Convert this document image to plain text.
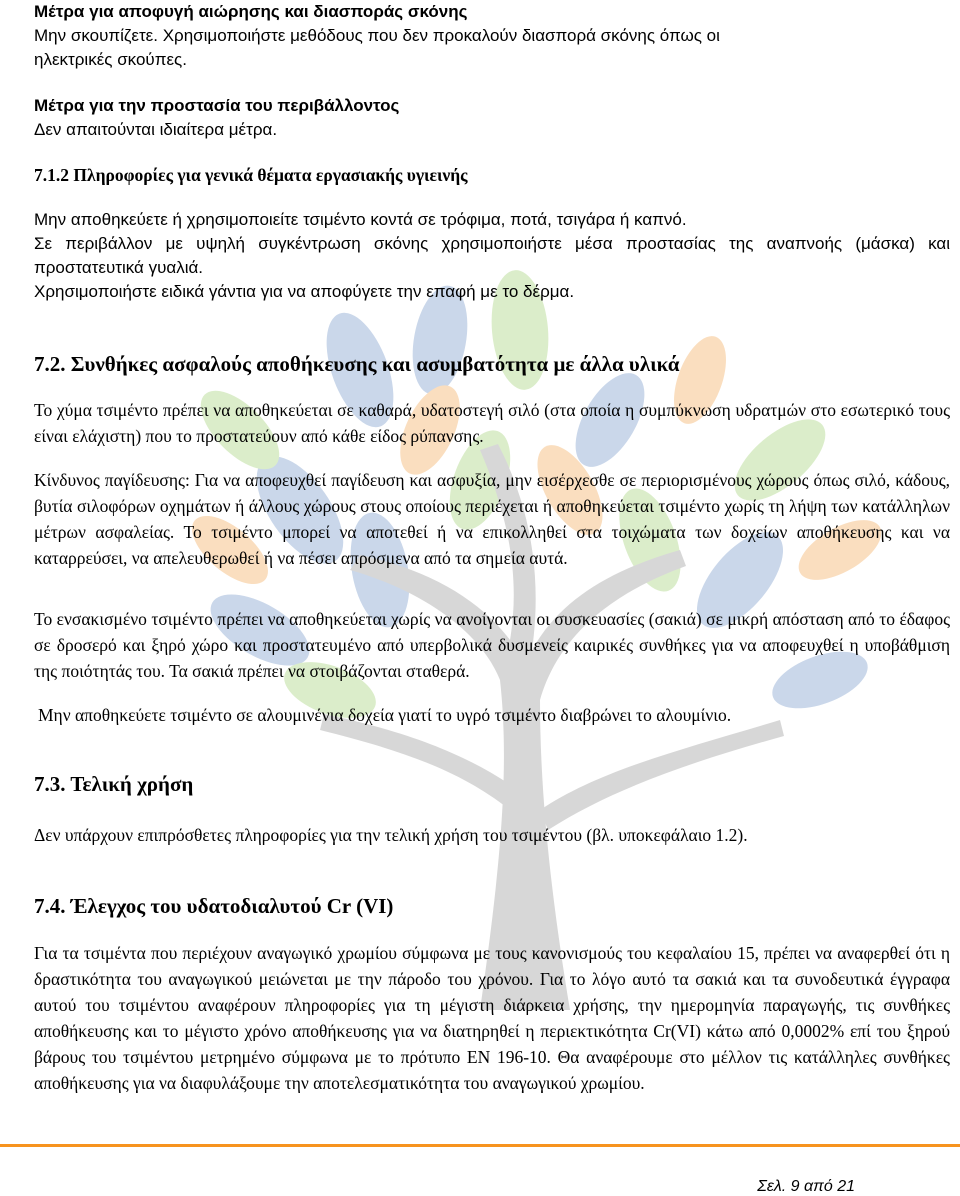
Μέτρα για αποφυγή αιώρησης και διασποράς σκόνης

Μην σκουπίζετε. Χρησιμοποιήστε μεθόδους που δεν προκαλούν διασπορά σκόνης όπως οι

ηλεκτρικές σκούπες.

Μέτρα για την προστασία του περιβάλλοντος

Δεν απαιτούνται ιδιαίτερα μέτρα.

7.1.2 Πληροφορίες για γενικά θέματα εργασιακής υγιεινής

Μην αποθηκεύετε ή χρησιμοποιείτε τσιμέντο κοντά σε τρόφιμα, ποτά, τσιγάρα ή καπνό.

Σε περιβάλλον με υψηλή συγκέντρωση σκόνης χρησιμοποιήστε μέσα προστασίας της αναπνοής (μάσκα) και προστατευτικά γυαλιά.

Χρησιμοποιήστε ειδικά γάντια για να αποφύγετε την επαφή με το δέρμα.

7.2. Συνθήκες ασφαλούς αποθήκευσης και ασυμβατότητα με άλλα υλικά

Το χύμα τσιμέντο πρέπει να αποθηκεύεται σε καθαρά, υδατοστεγή σιλό (στα οποία η συμπύκνωση υδρατμών στο εσωτερικό τους είναι ελάχιστη) που το προστατεύουν από κάθε είδος ρύπανσης.

Κίνδυνος παγίδευσης: Για να αποφευχθεί παγίδευση και ασφυξία, μην εισέρχεσθε σε περιορισμένους χώρους όπως σιλό, κάδους, βυτία σιλοφόρων οχημάτων ή άλλους χώρους στους οποίους περιέχεται ή αποθηκεύεται τσιμέντο χωρίς τη λήψη των κατάλληλων μέτρων ασφαλείας. Το τσιμέντο μπορεί να αποτεθεί ή να επικολληθεί στα τοιχώματα των δοχείων αποθήκευσης και να καταρρεύσει, να απελευθερωθεί ή να πέσει απρόσμενα από τα σημεία αυτά.

Το ενσακισμένο τσιμέντο πρέπει να αποθηκεύεται χωρίς να ανοίγονται οι συσκευασίες (σακιά) σε μικρή απόσταση από το έδαφος σε δροσερό και ξηρό χώρο και προστατευμένο από υπερβολικά δυσμενείς καιρικές συνθήκες για να αποφευχθεί η υποβάθμιση της ποιότητάς του. Τα σακιά πρέπει να στοιβάζονται σταθερά.

Μην αποθηκεύετε τσιμέντο σε αλουμινένια δοχεία γιατί το υγρό τσιμέντο διαβρώνει το αλουμίνιο.

7.3. Τελική χρήση

Δεν υπάρχουν επιπρόσθετες πληροφορίες για την τελική χρήση του τσιμέντου (βλ. υποκεφάλαιο 1.2).

7.4. Έλεγχος του υδατοδιαλυτού Cr (VI)

Για τα τσιμέντα που περιέχουν αναγωγικό χρωμίου σύμφωνα με τους κανονισμούς του κεφαλαίου 15, πρέπει να αναφερθεί ότι η δραστικότητα του αναγωγικού μειώνεται με την πάροδο του χρόνου. Για το λόγο αυτό τα σακιά και τα συνοδευτικά έγγραφα αυτού του τσιμέντου αναφέρουν πληροφορίες για τη μέγιστη διάρκεια χρήσης, την ημερομηνία παραγωγής, τις συνθήκες αποθήκευσης και το μέγιστο χρόνο αποθήκευσης για να διατηρηθεί η περιεκτικότητα Cr(VI) κάτω από 0,0002% επί του ξηρού βάρους του τσιμέντου μετρημένο σύμφωνα με το πρότυπο ΕΝ 196-10. Θα αναφέρουμε στο μέλλον τις κατάλληλες συνθήκες αποθήκευσης για να διαφυλάξουμε την αποτελεσματικότητα του αναγωγικού χρωμίου.

Σελ. 9 από 21
